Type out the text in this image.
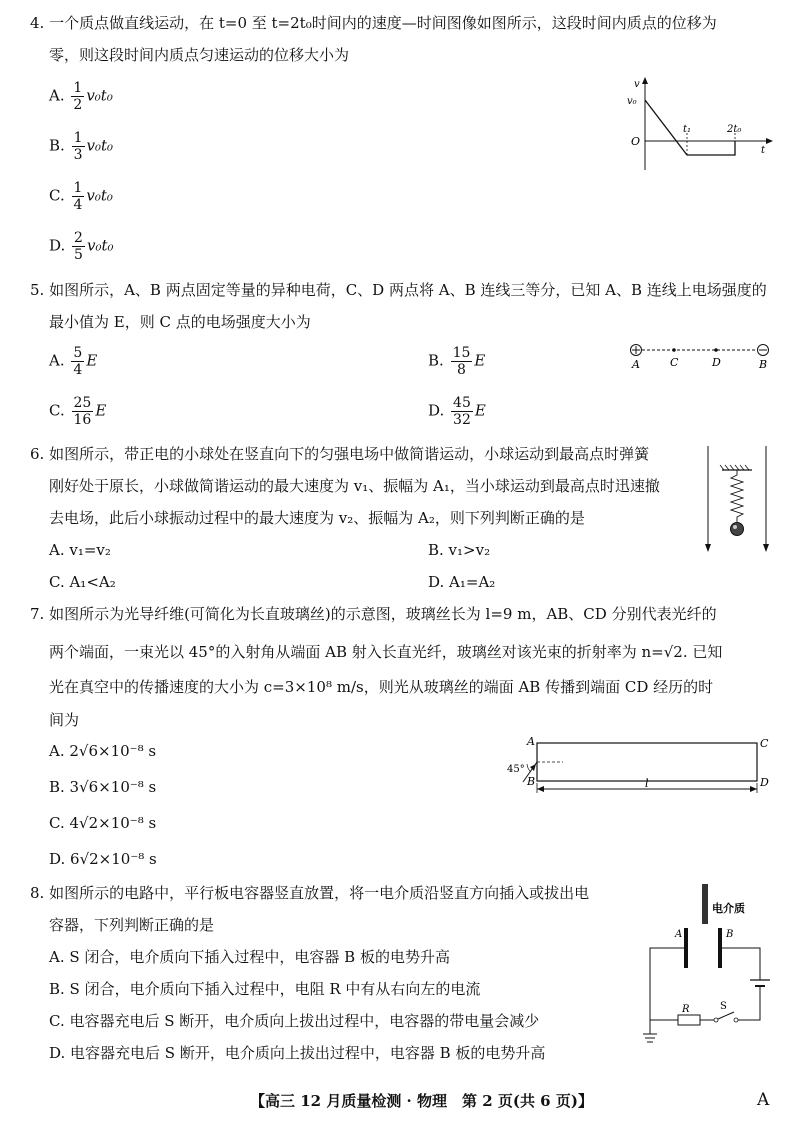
4. 一个质点做直线运动，在 t=0 至 t=2t₀时间内的速度—时间图像如图所示，这段时间内质点的位移为
零，则这段时间内质点匀速运动的位移大小为
A. $\frac{1}{2} v_0t_0$
B. $\frac{1}{3} v_0t_0$
C. $\frac{1}{4} v_0t_0$
D. $\frac{2}{5} v_0t_0$
v
v₀
O
t₁	2t₀
t
5. 如图所示，A、B 两点固定等量的异种电荷，C、D 两点将 A、B 连线三等分，已知 A、B 连线上电场强度的
最小值为 E，则 C 点的电场强度大小为
A. $\frac{5}{4}$ E	B. $\frac{15}{8}$ E
C. $\frac{25}{16}$ E	D. $\frac{45}{32}$ E
A	C	D	B
6. 如图所示，带正电的小球处在竖直向下的匀强电场中做简谐运动，小球运动到最高点时弹簧
刚好处于原长，小球做简谐运动的最大速度为 v₁、振幅为 A₁，当小球运动到最高点时迅速撤
去电场，此后小球振动过程中的最大速度为 v₂、振幅为 A₂，则下列判断正确的是
A. v₁=v₂	B. v₁>v₂
C. A₁<A₂	D. A₁=A₂
7. 如图所示为光导纤维(可简化为长直玻璃丝)的示意图，玻璃丝长为 l=9 m，AB、CD 分别代表光纤的
两个端面，一束光以 45°的入射角从端面 AB 射入长直光纤，玻璃丝对该光束的折射率为 n=√2. 已知
光在真空中的传播速度的大小为 c=3×10⁸ m/s，则光从玻璃丝的端面 AB 传播到端面 CD 经历的时
间为
A. 2√6×10⁻⁸ s
B. 3√6×10⁻⁸ s
C. 4√2×10⁻⁸ s
D. 6√2×10⁻⁸ s
A
B
C
D
45°
l
8. 如图所示的电路中，平行板电容器竖直放置，将一电介质沿竖直方向插入或拔出电
容器，下列判断正确的是
A. S 闭合，电介质向下插入过程中，电容器 B 板的电势升高
B. S 闭合，电介质向下插入过程中，电阻 R 中有从右向左的电流
C. 电容器充电后 S 断开，电介质向上拔出过程中，电容器的带电量会减少
D. 电容器充电后 S 断开，电介质向上拔出过程中，电容器 B 板的电势升高
电介质
A	B
R	S
【高三 12 月质量检测 · 物理　第 2 页(共 6 页)】	A
